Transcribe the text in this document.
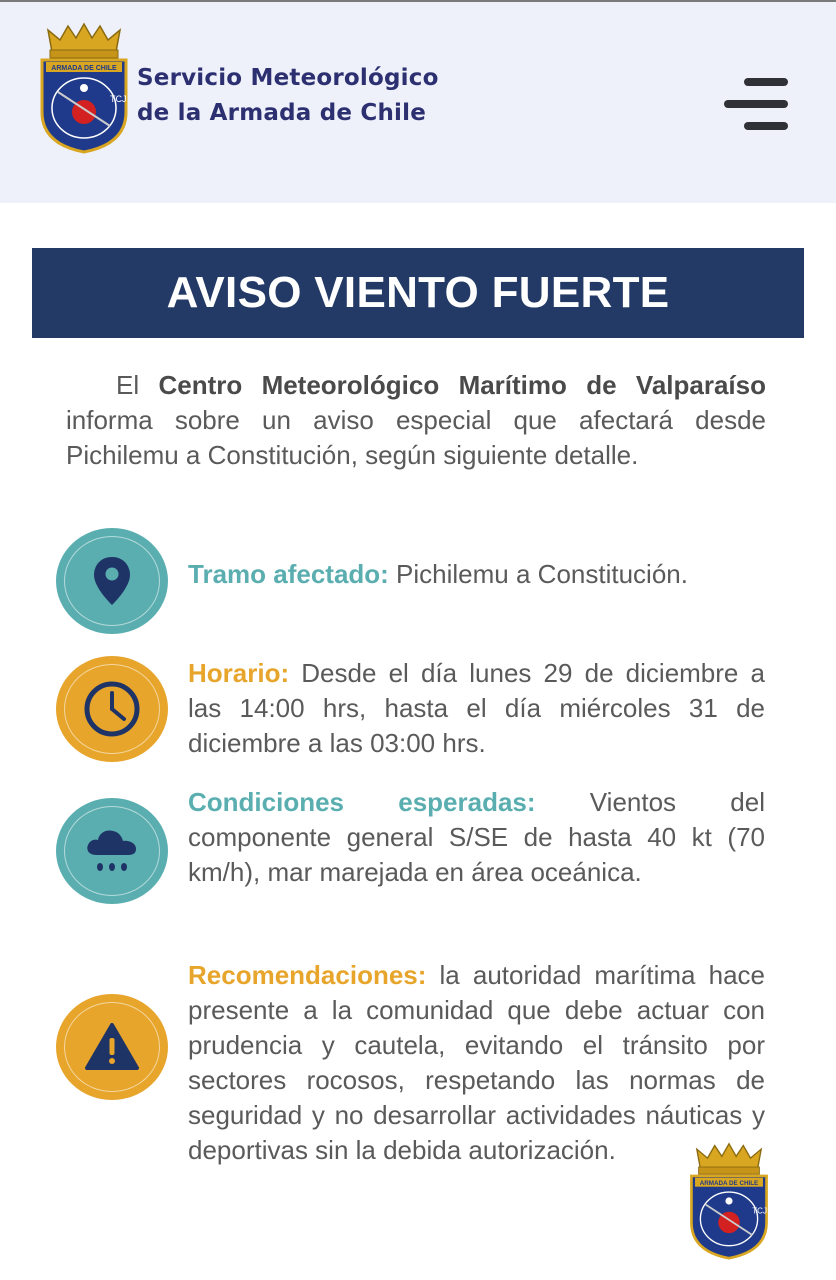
ARMADA DE CHILE
TCJ
Servicio Meteorológico
de la Armada de Chile
AVISO VIENTO FUERTE
El Centro Meteorológico Marítimo de Valparaíso informa sobre un aviso especial que afectará desde Pichilemu a Constitución, según siguiente detalle.
Tramo afectado: Pichilemu a Constitución.
Horario: Desde el día lunes 29 de diciembre a las 14:00 hrs, hasta el día miércoles 31 de diciembre a las 03:00 hrs.
Condiciones esperadas: Vientos del componente general S/SE de hasta 40 kt (70 km/h), mar marejada en área oceánica.
Recomendaciones: la autoridad marítima hace presente a la comunidad que debe actuar con prudencia y cautela, evitando el tránsito por sectores rocosos, respetando las normas de seguridad y no desarrollar actividades náuticas y deportivas sin la debida autorización.
ARMADA DE CHILE
TCJ
